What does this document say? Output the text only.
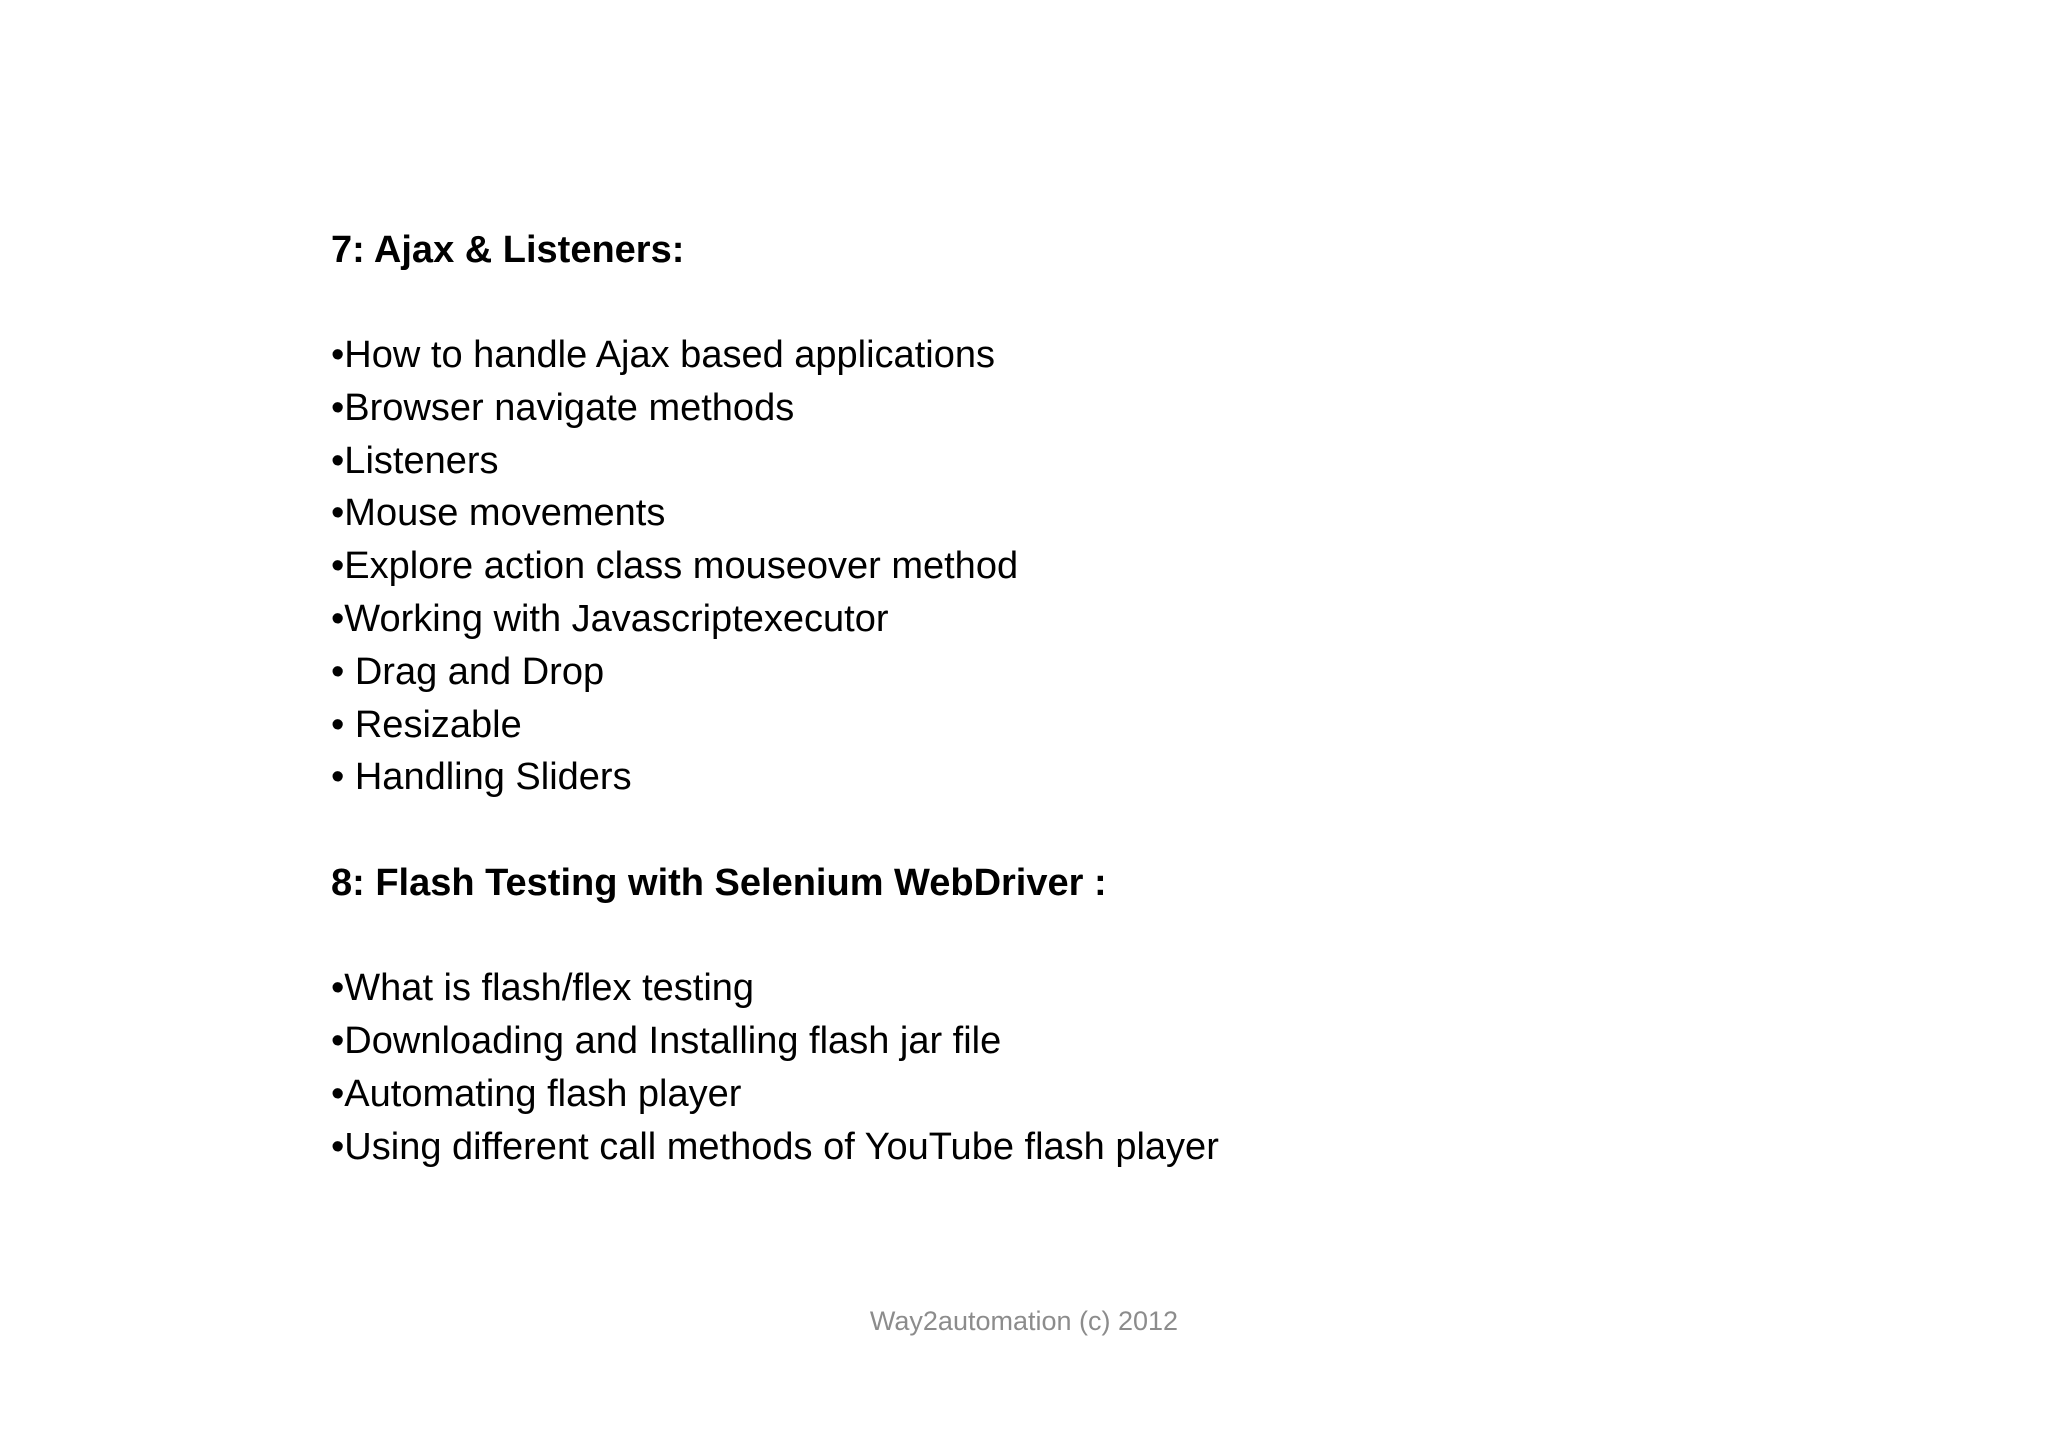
7: Ajax & Listeners:
•How to handle Ajax based applications
•Browser navigate methods
•Listeners
•Mouse movements
•Explore action class mouseover method
•Working with Javascriptexecutor
• Drag and Drop
• Resizable
• Handling Sliders
8: Flash Testing with Selenium WebDriver :
•What is flash/flex testing
•Downloading and Installing flash jar file
•Automating flash player
•Using different call methods of YouTube flash player
Way2automation (c) 2012
